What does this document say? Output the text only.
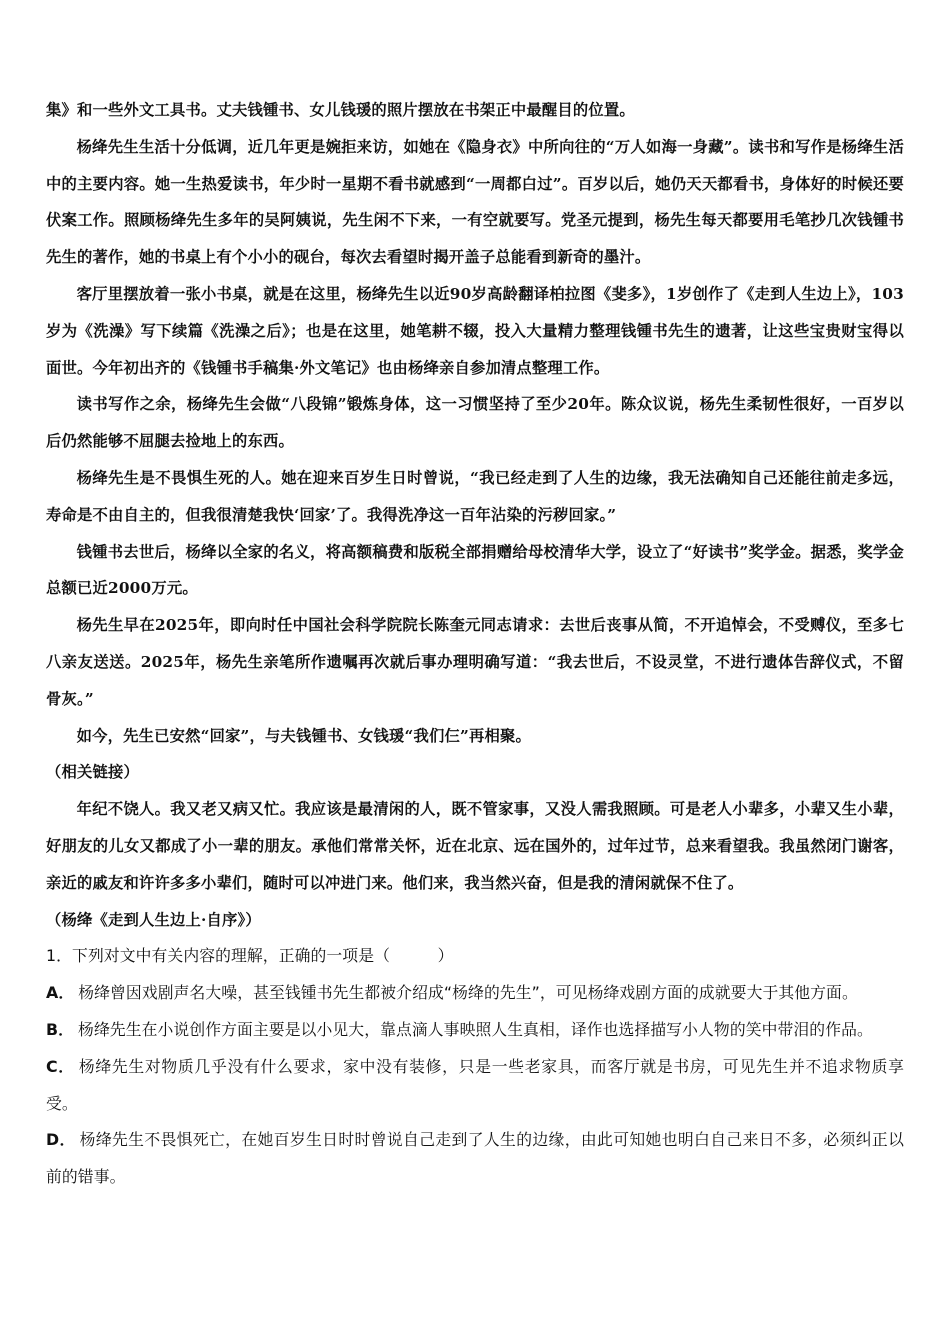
集》和一些外文工具书。丈夫钱锺书、女儿钱瑗的照片摆放在书架正中最醒目的位置。

杨绛先生生活十分低调，近几年更是婉拒来访，如她在《隐身衣》中所向往的“万人如海一身藏”。读书和写作是杨绛生活中的主要内容。她一生热爱读书，年少时一星期不看书就感到“一周都白过”。百岁以后，她仍天天都看书，身体好的时候还要伏案工作。照顾杨绛先生多年的吴阿姨说，先生闲不下来，一有空就要写。党圣元提到，杨先生每天都要用毛笔抄几次钱锺书先生的著作，她的书桌上有个小小的砚台，每次去看望时揭开盖子总能看到新奇的墨汁。

客厅里摆放着一张小书桌，就是在这里，杨绛先生以近90岁高龄翻译柏拉图《斐多》，1岁创作了《走到人生边上》，103岁为《洗澡》写下续篇《洗澡之后》；也是在这里，她笔耕不辍，投入大量精力整理钱锺书先生的遗著，让这些宝贵财宝得以面世。今年初出齐的《钱锺书手稿集·外文笔记》也由杨绛亲自参加清点整理工作。

读书写作之余，杨绛先生会做“八段锦”锻炼身体，这一习惯坚持了至少20年。陈众议说，杨先生柔韧性很好，一百岁以后仍然能够不屈腿去捡地上的东西。

杨绛先生是不畏惧生死的人。她在迎来百岁生日时曾说，“我已经走到了人生的边缘，我无法确知自己还能往前走多远，寿命是不由自主的，但我很清楚我快‘回家’了。我得洗净这一百年沾染的污秽回家。”

钱锺书去世后，杨绛以全家的名义，将高额稿费和版税全部捐赠给母校清华大学，设立了“好读书”奖学金。据悉，奖学金总额已近2000万元。

杨先生早在2025年，即向时任中国社会科学院院长陈奎元同志请求：去世后丧事从简，不开追悼会，不受赙仪，至多七八亲友送送。2025年，杨先生亲笔所作遗嘱再次就后事办理明确写道：“我去世后，不设灵堂，不进行遗体告辞仪式，不留骨灰。”

如今，先生已安然“回家”，与夫钱锺书、女钱瑗“我们仨”再相聚。

（相关链接）

年纪不饶人。我又老又病又忙。我应该是最清闲的人，既不管家事，又没人需我照顾。可是老人小辈多，小辈又生小辈，好朋友的儿女又都成了小一辈的朋友。承他们常常关怀，近在北京、远在国外的，过年过节，总来看望我。我虽然闭门谢客，亲近的戚友和许许多多小辈们，随时可以冲进门来。他们来，我当然兴奋，但是我的清闲就保不住了。

（杨绛《走到人生边上·自序》）

1．下列对文中有关内容的理解，正确的一项是（　　　）

A． 杨绛曾因戏剧声名大噪，甚至钱锺书先生都被介绍成“杨绛的先生”，可见杨绛戏剧方面的成就要大于其他方面。

B． 杨绛先生在小说创作方面主要是以小见大，靠点滴人事映照人生真相，译作也选择描写小人物的笑中带泪的作品。

C． 杨绛先生对物质几乎没有什么要求，家中没有装修，只是一些老家具，而客厅就是书房，可见先生并不追求物质享受。

D． 杨绛先生不畏惧死亡，在她百岁生日时时曾说自己走到了人生的边缘，由此可知她也明白自己来日不多，必须纠正以前的错事。
